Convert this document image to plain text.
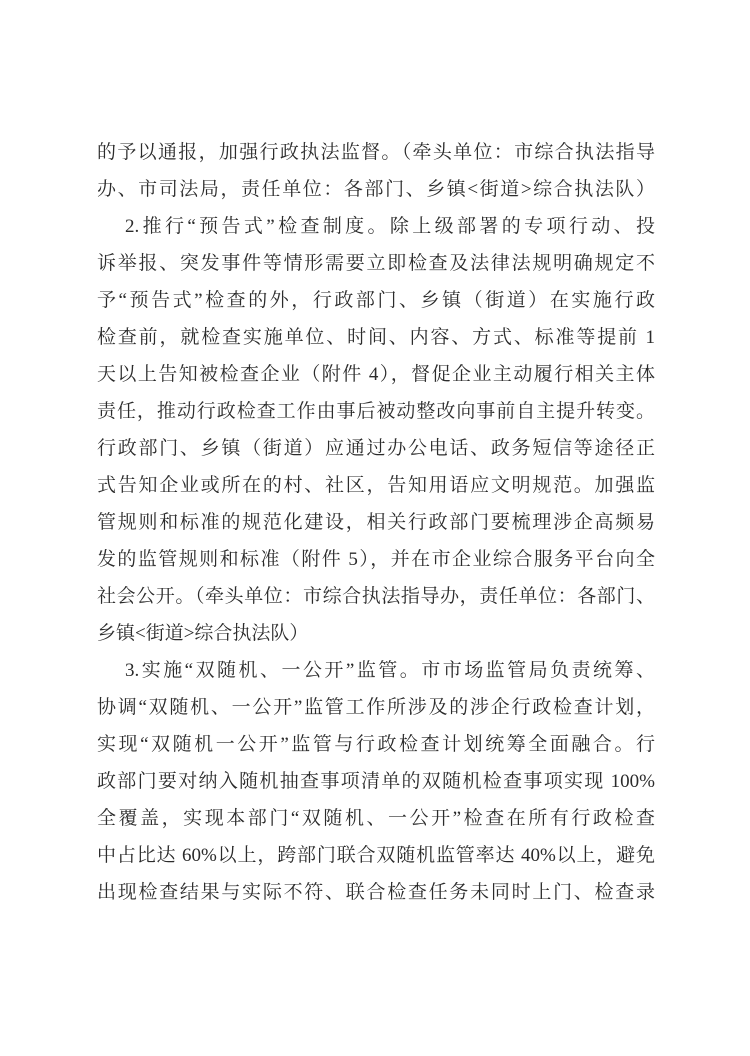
的予以通报，加强行政执法监督。（牵头单位：市综合执法指导
办、市司法局，责任单位：各部门、乡镇<街道>综合执法队）
2.推行“预告式”检查制度。除上级部署的专项行动、投
诉举报、突发事件等情形需要立即检查及法律法规明确规定不
予“预告式”检查的外，行政部门、乡镇（街道）在实施行政
检查前，就检查实施单位、时间、内容、方式、标准等提前 1
天以上告知被检查企业（附件 4），督促企业主动履行相关主体
责任，推动行政检查工作由事后被动整改向事前自主提升转变。
行政部门、乡镇（街道）应通过办公电话、政务短信等途径正
式告知企业或所在的村、社区，告知用语应文明规范。加强监
管规则和标准的规范化建设，相关行政部门要梳理涉企高频易
发的监管规则和标准（附件 5），并在市企业综合服务平台向全
社会公开。（牵头单位：市综合执法指导办，责任单位：各部门、
乡镇<街道>综合执法队）
3.实施“双随机、一公开”监管。市市场监管局负责统筹、
协调“双随机、一公开”监管工作所涉及的涉企行政检查计划，
实现“双随机一公开”监管与行政检查计划统筹全面融合。行
政部门要对纳入随机抽查事项清单的双随机检查事项实现 100%
全覆盖，实现本部门“双随机、一公开”检查在所有行政检查
中占比达 60%以上，跨部门联合双随机监管率达 40%以上，避免
出现检查结果与实际不符、联合检查任务未同时上门、检查录
